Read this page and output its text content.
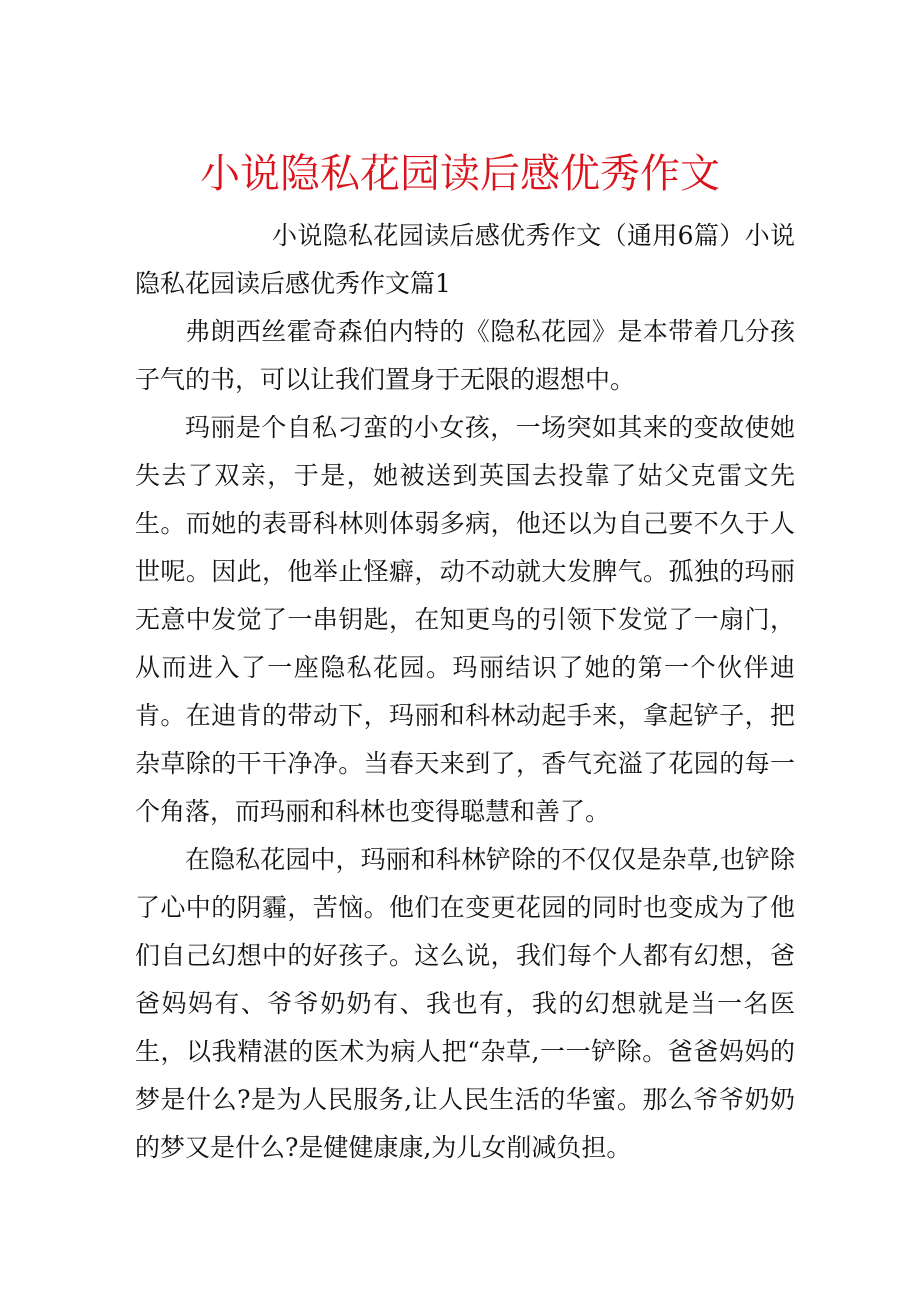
小说隐私花园读后感优秀作文

小说隐私花园读后感优秀作文（通用6篇）小说隐私花园读后感优秀作文篇1

弗朗西丝霍奇森伯内特的《隐私花园》是本带着几分孩子气的书，可以让我们置身于无限的遐想中。

玛丽是个自私刁蛮的小女孩，一场突如其来的变故使她失去了双亲，于是，她被送到英国去投靠了姑父克雷文先生。而她的表哥科林则体弱多病，他还以为自己要不久于人世呢。因此，他举止怪癖，动不动就大发脾气。孤独的玛丽无意中发觉了一串钥匙，在知更鸟的引领下发觉了一扇门，从而进入了一座隐私花园。玛丽结识了她的第一个伙伴迪肯。在迪肯的带动下，玛丽和科林动起手来，拿起铲子，把杂草除的干干净净。当春天来到了，香气充溢了花园的每一个角落，而玛丽和科林也变得聪慧和善了。

在隐私花园中，玛丽和科林铲除的不仅仅是杂草,也铲除了心中的阴霾，苦恼。他们在变更花园的同时也变成为了他们自己幻想中的好孩子。这么说，我们每个人都有幻想，爸爸妈妈有、爷爷奶奶有、我也有，我的幻想就是当一名医生，以我精湛的医术为病人把“杂草,一一铲除。爸爸妈妈的梦是什么?是为人民服务,让人民生活的华蜜。那么爷爷奶奶的梦又是什么?是健健康康,为儿女削减负担。
